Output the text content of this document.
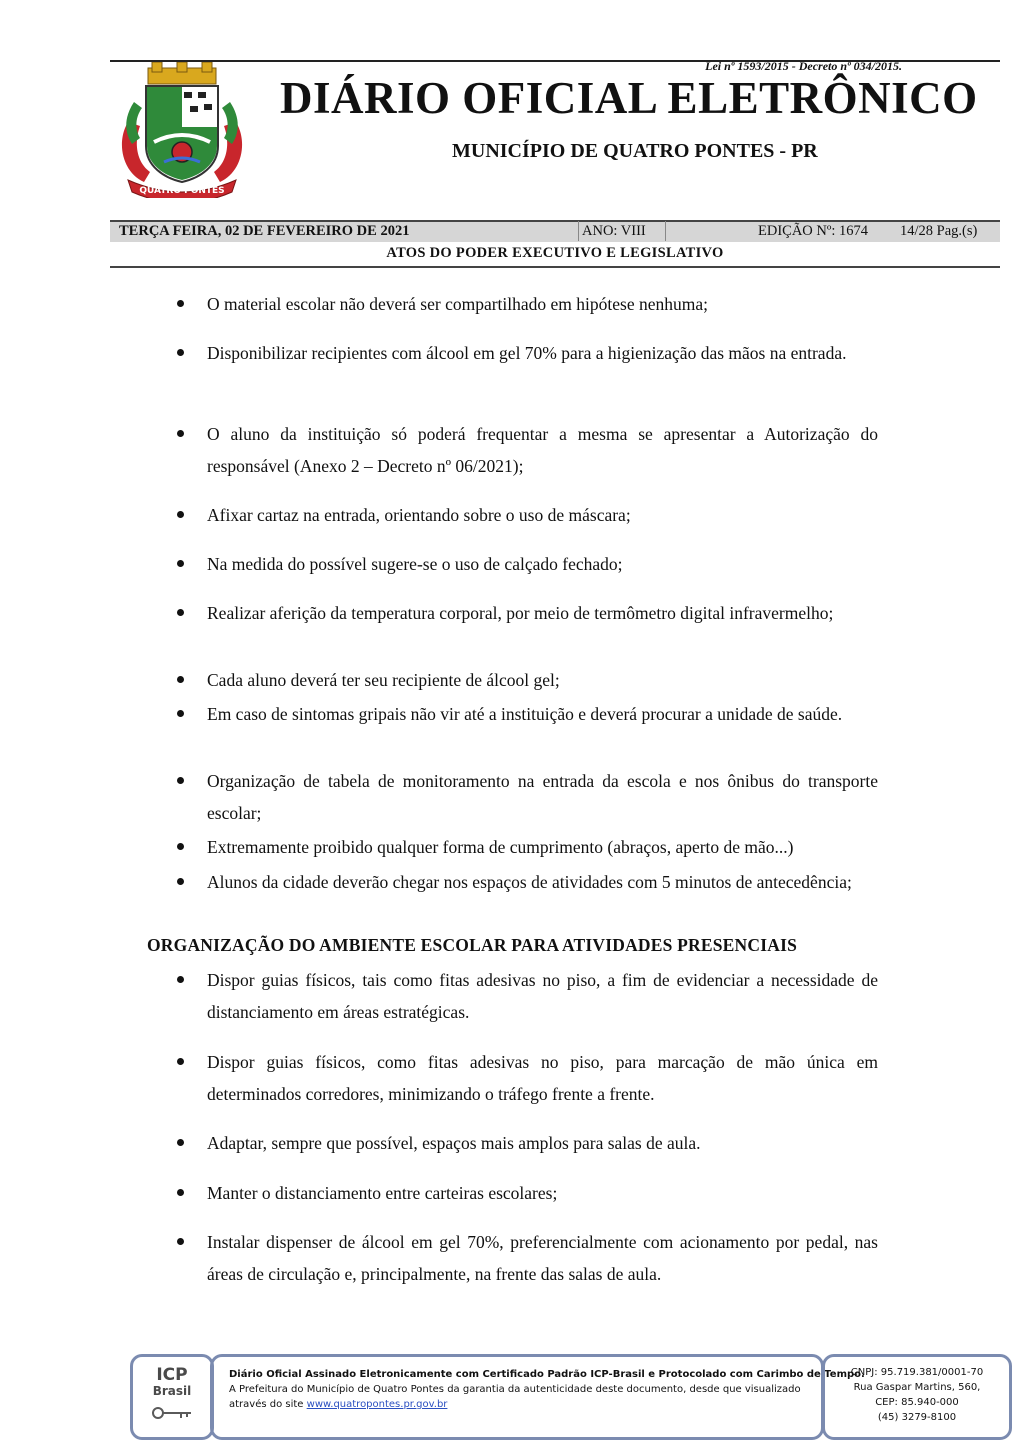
Lei nº 1593/2015 - Decreto nº 034/2015.
QUATRO PONTES
DIÁRIO OFICIAL ELETRÔNICO
MUNICÍPIO DE QUATRO PONTES - PR
TERÇA FEIRA, 02 DE FEVEREIRO DE 2021	ANO: VIII	EDIÇÃO Nº: 1674 14/28 Pag.(s)
ATOS DO PODER EXECUTIVO E LEGISLATIVO
O material escolar não deverá ser compartilhado em hipótese nenhuma;
Disponibilizar recipientes com álcool em gel 70% para a higienização das mãos na entrada.
O aluno da instituição só poderá frequentar a mesma se apresentar a Autorização do responsável (Anexo 2 – Decreto nº 06/2021);
Afixar cartaz na entrada, orientando sobre o uso de máscara;
Na medida do possível sugere-se o uso de calçado fechado;
Realizar aferição da temperatura corporal, por meio de termômetro digital infravermelho;
Cada aluno deverá ter seu recipiente de álcool gel;
Em caso de sintomas gripais não vir até a instituição e deverá procurar a unidade de saúde.
Organização de tabela de monitoramento na entrada da escola e nos ônibus do transporte escolar;
Extremamente proibido qualquer forma de cumprimento (abraços, aperto de mão...)
Alunos da cidade deverão chegar nos espaços de atividades com 5 minutos de antecedência;
ORGANIZAÇÃO DO AMBIENTE ESCOLAR PARA ATIVIDADES PRESENCIAIS
Dispor guias físicos, tais como fitas adesivas no piso, a fim de evidenciar a necessidade de distanciamento em áreas estratégicas.
Dispor guias físicos, como fitas adesivas no piso, para marcação de mão única em determinados corredores, minimizando o tráfego frente a frente.
Adaptar, sempre que possível, espaços mais amplos para salas de aula.
Manter o distanciamento entre carteiras escolares;
Instalar dispenser de álcool em gel 70%, preferencialmente com acionamento por pedal, nas áreas de circulação e, principalmente, na frente das salas de aula.
ICP
Brasil
Diário Oficial Assinado Eletronicamente com Certificado Padrão ICP-Brasil e Protocolado com Carimbo de Tempo.
A Prefeitura do Município de Quatro Pontes da garantia da autenticidade deste documento, desde que visualizado
através do site www.quatropontes.pr.gov.br
CNPJ: 95.719.381/0001-70
Rua Gaspar Martins, 560,
CEP: 85.940-000
(45) 3279-8100
